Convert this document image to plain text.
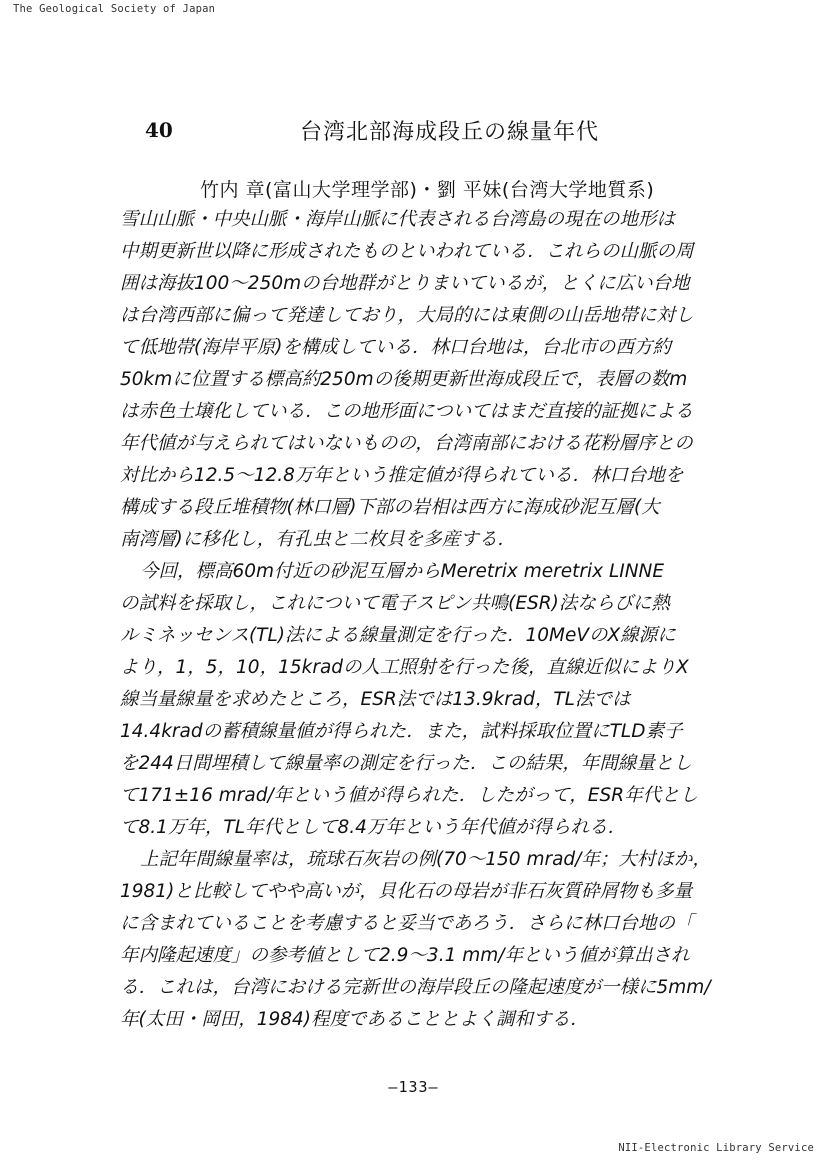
The Geological Society of Japan
40	台湾北部海成段丘の線量年代
竹内 章(富山大学理学部)・劉 平妹(台湾大学地質系)
雪山山脈・中央山脈・海岸山脈に代表される台湾島の現在の地形は
中期更新世以降に形成されたものといわれている．これらの山脈の周
囲は海抜100～250mの台地群がとりまいているが，とくに広い台地
は台湾西部に偏って発達しており，大局的には東側の山岳地帯に対し
て低地帯(海岸平原)を構成している．林口台地は，台北市の西方約
50kmに位置する標高約250mの後期更新世海成段丘で，表層の数m
は赤色土壌化している．この地形面についてはまだ直接的証拠による
年代値が与えられてはいないものの，台湾南部における花粉層序との
対比から12.5～12.8万年という推定値が得られている．林口台地を
構成する段丘堆積物(林口層)下部の岩相は西方に海成砂泥互層(大
南湾層)に移化し，有孔虫と二枚貝を多産する．
今回，標高60m付近の砂泥互層からMeretrix meretrix LINNE
の試料を採取し，これについて電子スピン共鳴(ESR)法ならびに熱
ルミネッセンス(TL)法による線量測定を行った．10MeVのX線源に
より，1，5，10，15kradの人工照射を行った後，直線近似によりX
線当量線量を求めたところ，ESR法では13.9krad，TL法では
14.4kradの蓄積線量値が得られた．また，試料採取位置にTLD素子
を244日間埋積して線量率の測定を行った．この結果，年間線量とし
て171±16 mrad/年という値が得られた．したがって，ESR年代とし
て8.1万年，TL年代として8.4万年という年代値が得られる．
上記年間線量率は，琉球石灰岩の例(70～150 mrad/年；大村ほか，
1981)と比較してやや高いが，貝化石の母岩が非石灰質砕屑物も多量
に含まれていることを考慮すると妥当であろう．さらに林口台地の「
年内隆起速度」の参考値として2.9～3.1 mm/年という値が算出され
る．これは，台湾における完新世の海岸段丘の隆起速度が一様に5mm/
年(太田・岡田，1984)程度であることとよく調和する．
—133—
NII-Electronic Library Service
